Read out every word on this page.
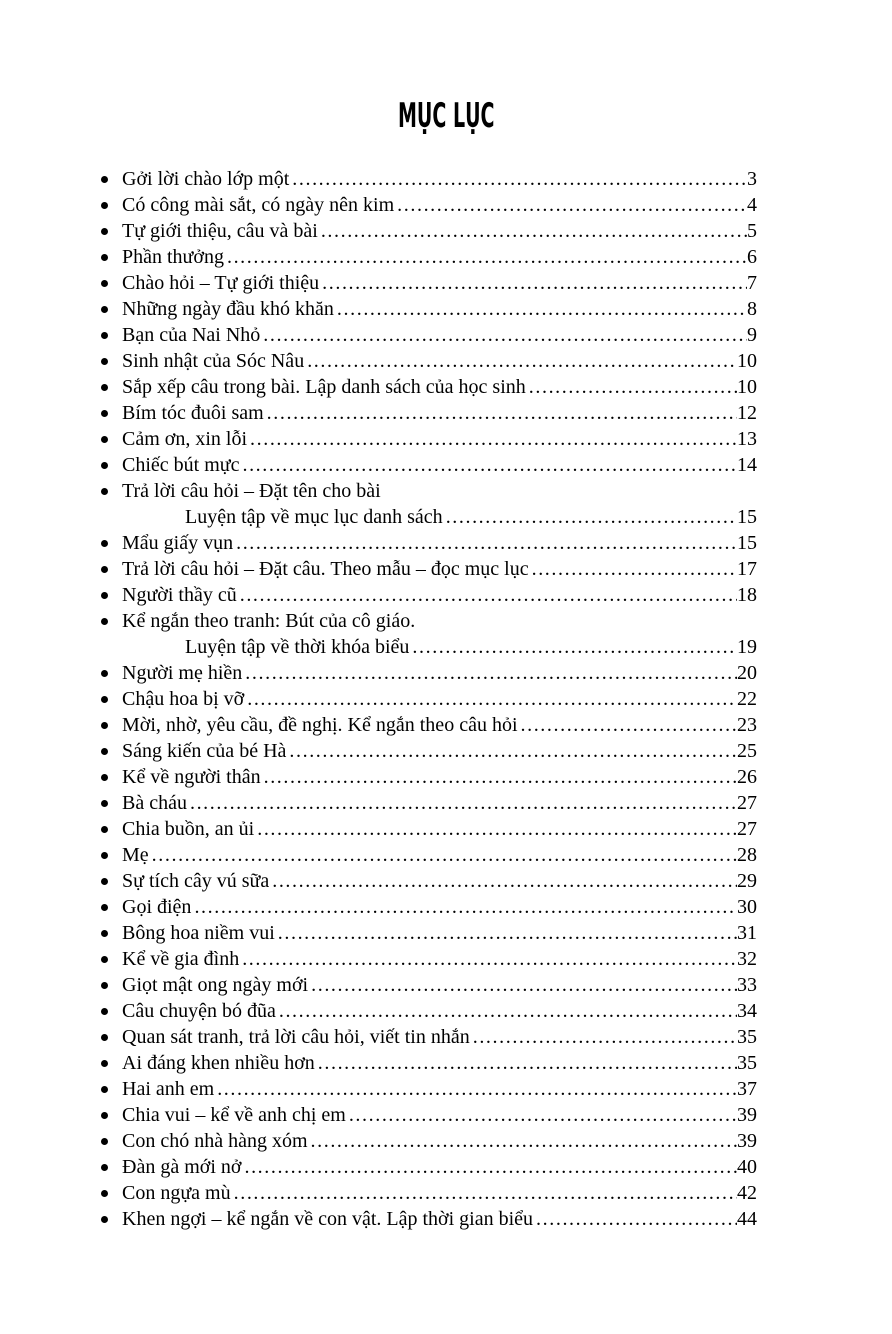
MỤC LỤC
Gởi lời chào lớp một .....	3
Có công mài sắt, có ngày nên kim .....	4
Tự giới thiệu, câu và bài .....	5
Phần thưởng .....	6
Chào hỏi – Tự giới thiệu .....	7
Những ngày đầu khó khăn .....	8
Bạn của Nai Nhỏ .....	9
Sinh nhật của Sóc Nâu .....	10
Sắp xếp câu trong bài. Lập danh sách của học sinh .....	10
Bím tóc đuôi sam .....	12
Cảm ơn, xin lỗi .....	13
Chiếc bút mực .....	14
Trả lời câu hỏi – Đặt tên cho bài
Luyện tập về mục lục danh sách .....	15
Mẩu giấy vụn .....	15
Trả lời câu hỏi – Đặt câu. Theo mẫu – đọc mục lục .....	17
Người thầy cũ .....	18
Kể ngắn theo tranh: Bút của cô giáo.
Luyện tập về thời khóa biểu .....	19
Người mẹ hiền .....	20
Chậu hoa bị vỡ .....	22
Mời, nhờ, yêu cầu, đề nghị. Kể ngắn theo câu hỏi .....	23
Sáng kiến của bé Hà .....	25
Kể về người thân .....	26
Bà cháu .....	27
Chia buồn, an ủi .....	27
Mẹ .....	28
Sự tích cây vú sữa .....	29
Gọi điện .....	30
Bông hoa niềm vui .....	31
Kể về gia đình .....	32
Giọt mật ong ngày mới .....	33
Câu chuyện bó đũa .....	34
Quan sát tranh, trả lời câu hỏi, viết tin nhắn .....	35
Ai đáng khen nhiều hơn .....	35
Hai anh em .....	37
Chia vui – kể về anh chị em .....	39
Con chó nhà hàng xóm .....	39
Đàn gà mới nở .....	40
Con ngựa mù .....	42
Khen ngợi – kể ngắn về con vật. Lập thời gian biểu .....	44
